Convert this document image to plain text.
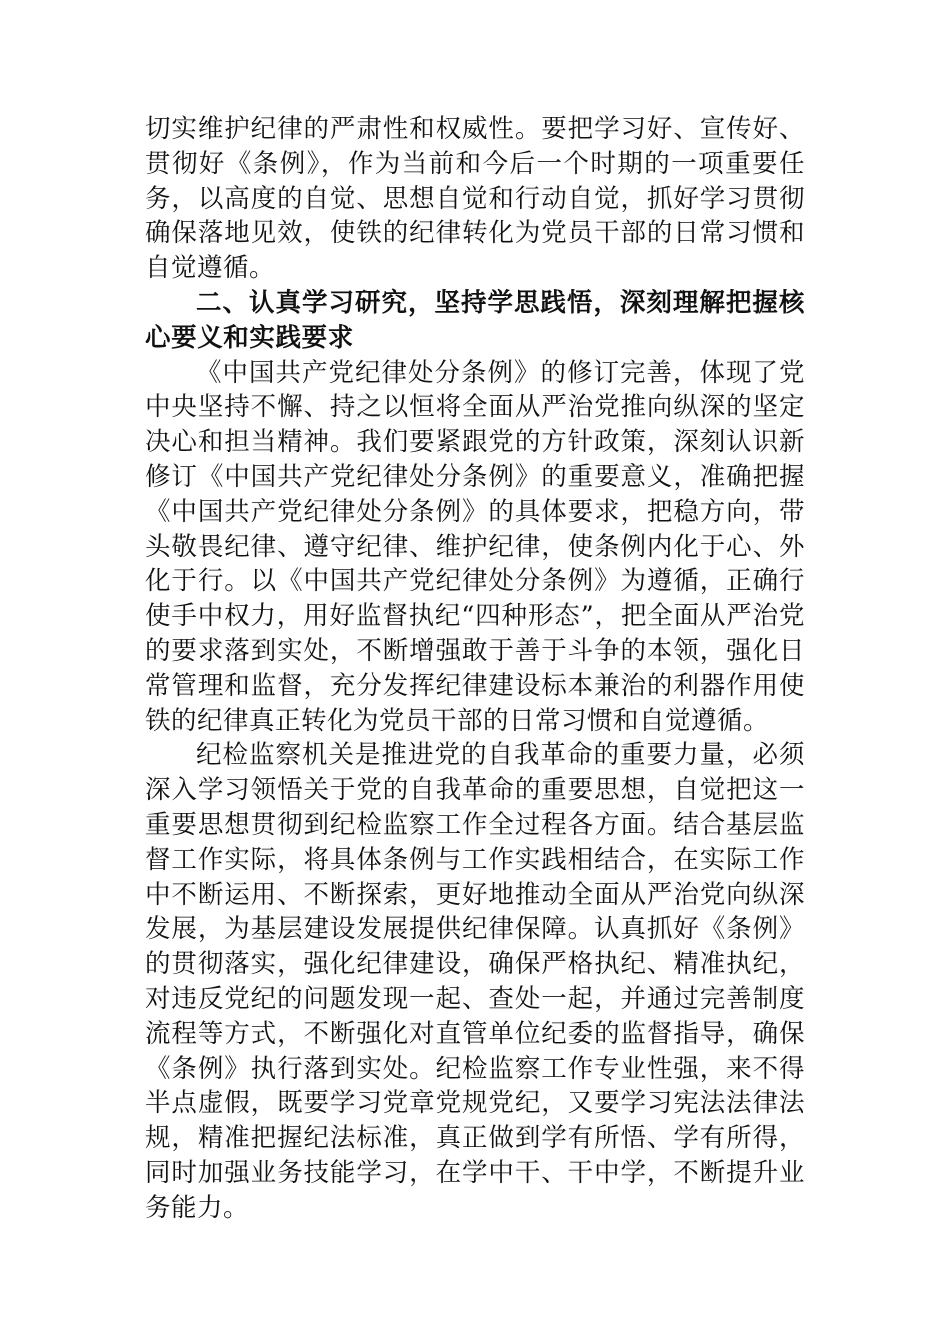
切实维护纪律的严肃性和权威性。要把学习好、宣传好、贯彻好《条例》，作为当前和今后一个时期的一项重要任务，以高度的自觉、思想自觉和行动自觉，抓好学习贯彻确保落地见效，使铁的纪律转化为党员干部的日常习惯和自觉遵循。

二、认真学习研究，坚持学思践悟，深刻理解把握核心要义和实践要求

《中国共产党纪律处分条例》的修订完善，体现了党中央坚持不懈、持之以恒将全面从严治党推向纵深的坚定决心和担当精神。我们要紧跟党的方针政策，深刻认识新修订《中国共产党纪律处分条例》的重要意义，准确把握《中国共产党纪律处分条例》的具体要求，把稳方向，带头敬畏纪律、遵守纪律、维护纪律，使条例内化于心、外化于行。以《中国共产党纪律处分条例》为遵循，正确行使手中权力，用好监督执纪“四种形态”，把全面从严治党的要求落到实处，不断增强敢于善于斗争的本领，强化日常管理和监督，充分发挥纪律建设标本兼治的利器作用使铁的纪律真正转化为党员干部的日常习惯和自觉遵循。

纪检监察机关是推进党的自我革命的重要力量，必须深入学习领悟关于党的自我革命的重要思想，自觉把这一重要思想贯彻到纪检监察工作全过程各方面。结合基层监督工作实际，将具体条例与工作实践相结合，在实际工作中不断运用、不断探索，更好地推动全面从严治党向纵深发展，为基层建设发展提供纪律保障。认真抓好《条例》的贯彻落实，强化纪律建设，确保严格执纪、精准执纪，对违反党纪的问题发现一起、查处一起，并通过完善制度流程等方式，不断强化对直管单位纪委的监督指导，确保《条例》执行落到实处。纪检监察工作专业性强，来不得半点虚假，既要学习党章党规党纪，又要学习宪法法律法规，精准把握纪法标准，真正做到学有所悟、学有所得，同时加强业务技能学习，在学中干、干中学，不断提升业务能力。
